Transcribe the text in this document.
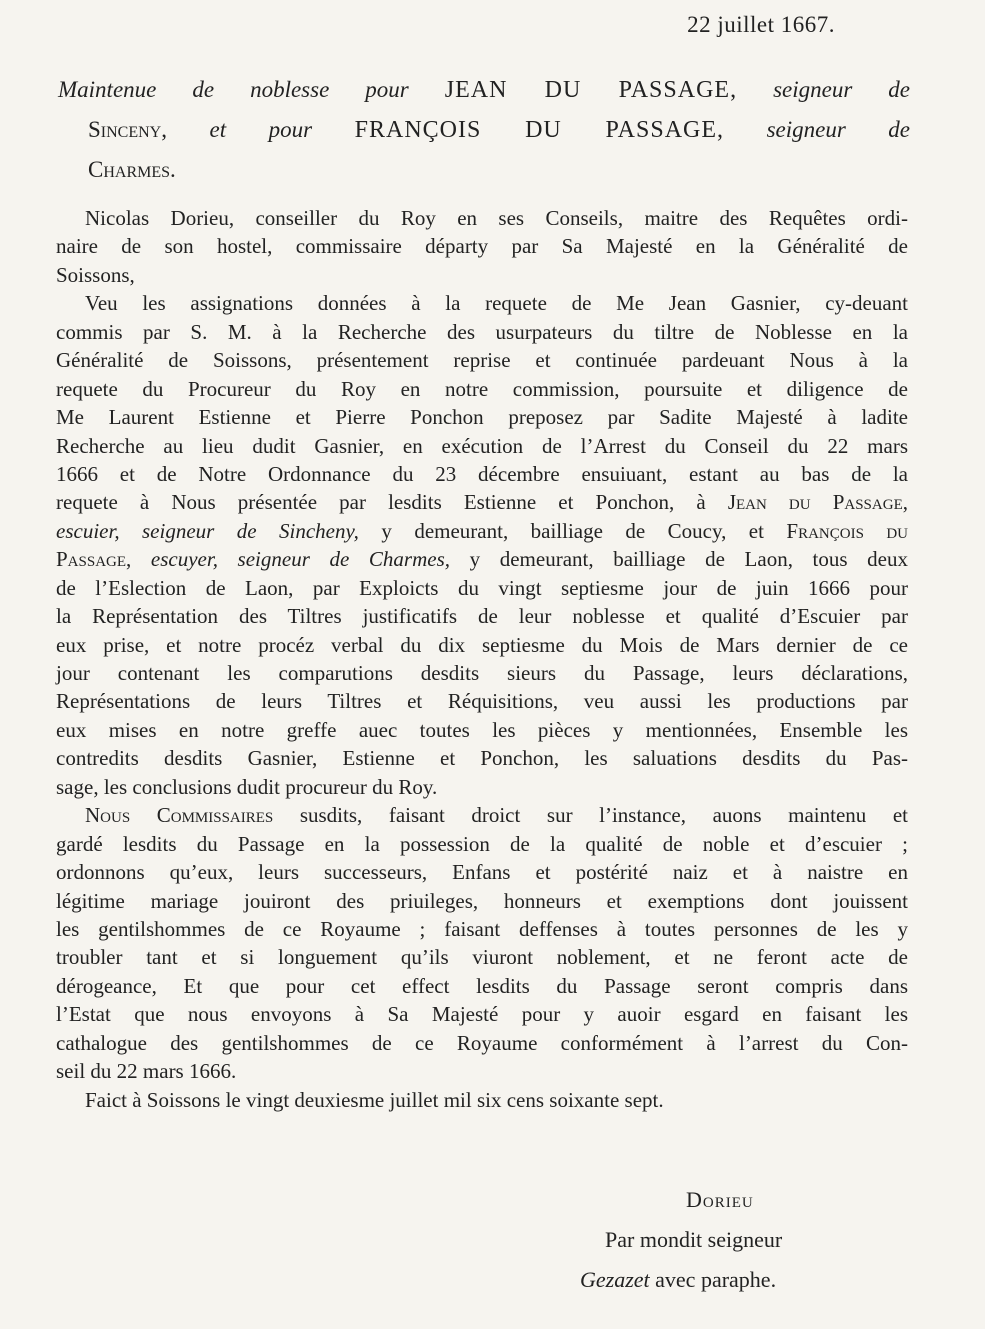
22 juillet 1667.
Maintenue de noblesse pour JEAN DU PASSAGE, seigneur de
Sinceny, et pour FRANÇOIS DU PASSAGE, seigneur de
Charmes.
Nicolas Dorieu, conseiller du Roy en ses Conseils, maitre des Requêtes ordi-
naire de son hostel, commissaire départy par Sa Majesté en la Généralité de
Soissons,
Veu les assignations données à la requete de Me Jean Gasnier, cy-deuant
commis par S. M. à la Recherche des usurpateurs du tiltre de Noblesse en la
Généralité de Soissons, présentement reprise et continuée pardeuant Nous à la
requete du Procureur du Roy en notre commission, poursuite et diligence de
Me Laurent Estienne et Pierre Ponchon preposez par Sadite Majesté à ladite
Recherche au lieu dudit Gasnier, en exécution de l’Arrest du Conseil du 22 mars
1666 et de Notre Ordonnance du 23 décembre ensuiuant, estant au bas de la
requete à Nous présentée par lesdits Estienne et Ponchon, à Jean du Passage,
escuier, seigneur de Sincheny, y demeurant, bailliage de Coucy, et François du
Passage, escuyer, seigneur de Charmes, y demeurant, bailliage de Laon, tous deux
de l’Eslection de Laon, par Exploicts du vingt septiesme jour de juin 1666 pour
la Représentation des Tiltres justificatifs de leur noblesse et qualité d’Escuier par
eux prise, et notre procéz verbal du dix septiesme du Mois de Mars dernier de ce
jour contenant les comparutions desdits sieurs du Passage, leurs déclarations,
Représentations de leurs Tiltres et Réquisitions, veu aussi les productions par
eux mises en notre greffe auec toutes les pièces y mentionnées, Ensemble les
contredits desdits Gasnier, Estienne et Ponchon, les saluations desdits du Pas-
sage, les conclusions dudit procureur du Roy.
Nous Commissaires susdits, faisant droict sur l’instance, auons maintenu et
gardé lesdits du Passage en la possession de la qualité de noble et d’escuier ;
ordonnons qu’eux, leurs successeurs, Enfans et postérité naiz et à naistre en
légitime mariage jouiront des priuileges, honneurs et exemptions dont jouissent
les gentilshommes de ce Royaume ; faisant deffenses à toutes personnes de les y
troubler tant et si longuement qu’ils viuront noblement, et ne feront acte de
dérogeance, Et que pour cet effect lesdits du Passage seront compris dans
l’Estat que nous envoyons à Sa Majesté pour y auoir esgard en faisant les
cathalogue des gentilshommes de ce Royaume conformément à l’arrest du Con-
seil du 22 mars 1666.
Faict à Soissons le vingt deuxiesme juillet mil six cens soixante sept.
Dorieu
Par mondit seigneur
Gezazet avec paraphe.
